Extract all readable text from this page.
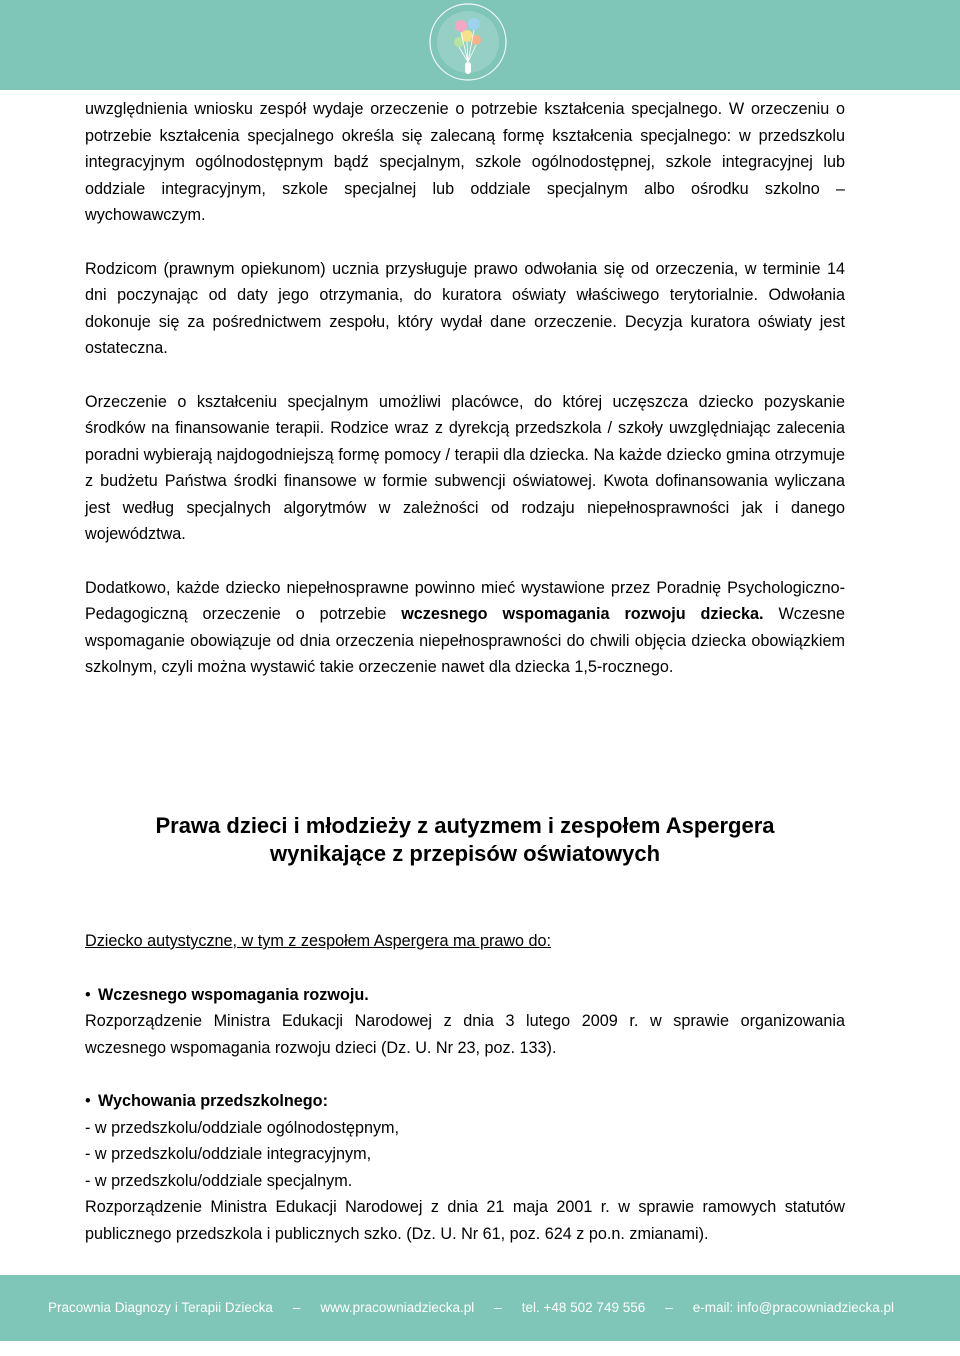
uwzględnienia wniosku zespół wydaje orzeczenie o potrzebie kształcenia specjalnego. W orzeczeniu o potrzebie kształcenia specjalnego określa się zalecaną formę kształcenia specjalnego: w przedszkolu integracyjnym ogólnodostępnym bądź specjalnym, szkole ogólnodostępnej, szkole integracyjnej lub oddziale integracyjnym, szkole specjalnej lub oddziale specjalnym albo ośrodku szkolno – wychowawczym.

Rodzicom (prawnym opiekunom) ucznia przysługuje prawo odwołania się od orzeczenia, w terminie 14 dni poczynając od daty jego otrzymania, do kuratora oświaty właściwego terytorialnie. Odwołania dokonuje się za pośrednictwem zespołu, który wydał dane orzeczenie. Decyzja kuratora oświaty jest ostateczna.

Orzeczenie o kształceniu specjalnym umożliwi placówce, do której uczęszcza dziecko pozyskanie środków na finansowanie terapii. Rodzice wraz z dyrekcją przedszkola / szkoły uwzględniając zalecenia poradni wybierają najdogodniejszą formę pomocy / terapii dla dziecka. Na każde dziecko gmina otrzymuje z budżetu Państwa środki finansowe w formie subwencji oświatowej. Kwota dofinansowania wyliczana jest według specjalnych algorytmów w zależności od rodzaju niepełnosprawności jak i danego województwa.

Dodatkowo, każde dziecko niepełnosprawne powinno mieć wystawione przez Poradnię Psychologiczno-Pedagogiczną orzeczenie o potrzebie wczesnego wspomagania rozwoju dziecka. Wczesne wspomaganie obowiązuje od dnia orzeczenia niepełnosprawności do chwili objęcia dziecka obowiązkiem szkolnym, czyli można wystawić takie orzeczenie nawet dla dziecka 1,5-rocznego.

Prawa dzieci i młodzieży z autyzmem i zespołem Aspergera
wynikające z przepisów oświatowych

Dziecko autystyczne, w tym z zespołem Aspergera ma prawo do:

• Wczesnego wspomagania rozwoju.

Rozporządzenie Ministra Edukacji Narodowej z dnia 3 lutego 2009 r. w sprawie organizowania wczesnego wspomagania rozwoju dzieci (Dz. U. Nr 23, poz. 133).

• Wychowania przedszkolnego:

- w przedszkolu/oddziale ogólnodostępnym,

- w przedszkolu/oddziale integracyjnym,

- w przedszkolu/oddziale specjalnym.

Rozporządzenie Ministra Edukacji Narodowej z dnia 21 maja 2001 r. w sprawie ramowych statutów publicznego przedszkola i publicznych szko. (Dz. U. Nr 61, poz. 624 z po.n. zmianami).

Pracownia Diagnozy i Terapii Dziecka – www.pracowniadziecka.pl – tel. +48 502 749 556 – e-mail: info@pracowniadziecka.pl
